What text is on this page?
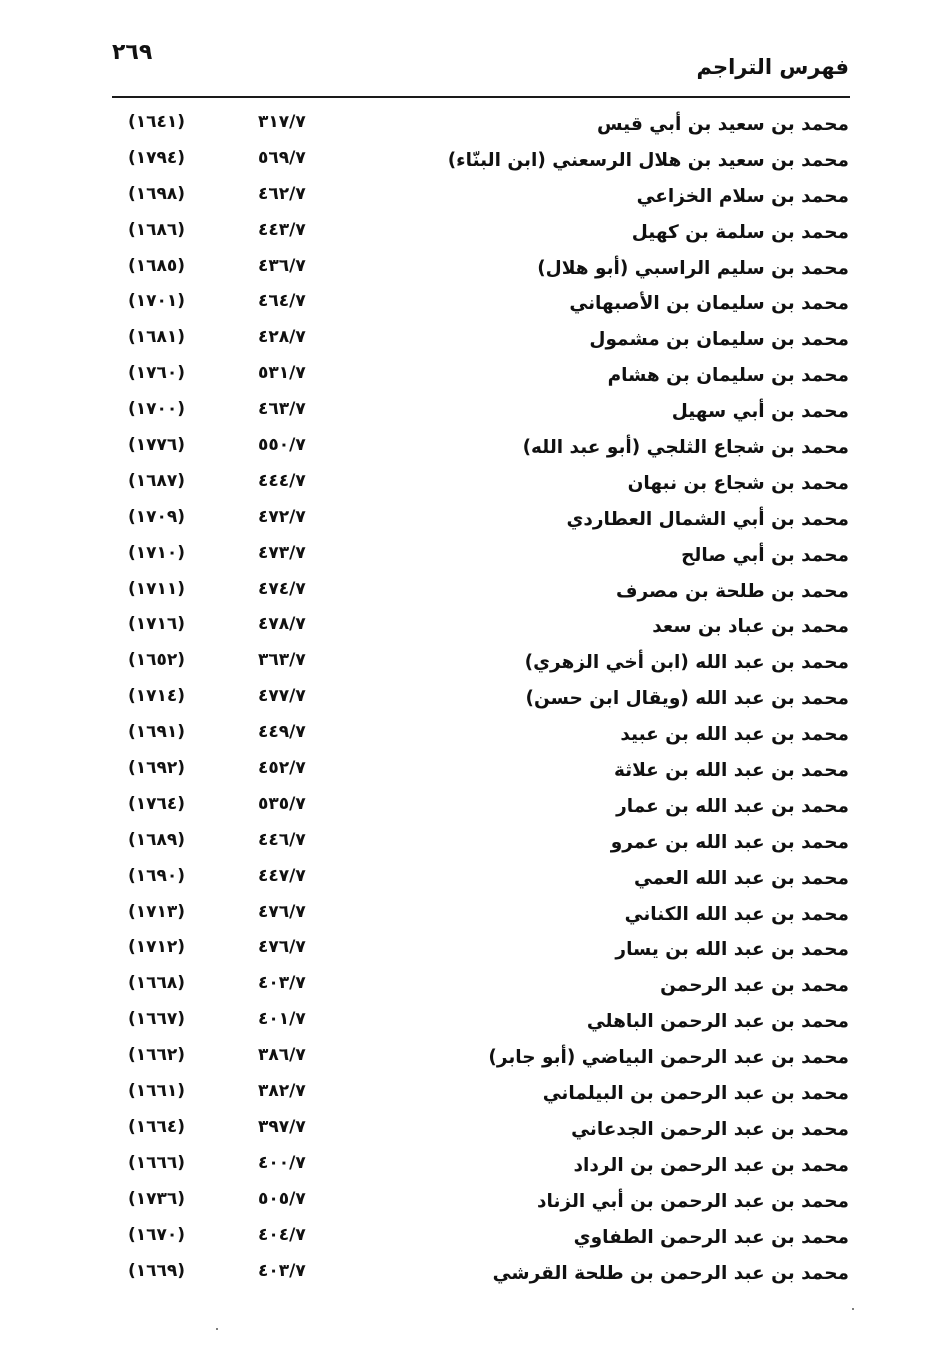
٢٦٩
فهرس التراجم
محمد بن سعيد بن أبي قيس
٣١٧/٧
(١٦٤١)
محمد بن سعيد بن هلال الرسعني (ابن البنّاء)
٥٦٩/٧
(١٧٩٤)
محمد بن سلام الخزاعي
٤٦٢/٧
(١٦٩٨)
محمد بن سلمة بن كهيل
٤٤٣/٧
(١٦٨٦)
محمد بن سليم الراسبي (أبو هلال)
٤٣٦/٧
(١٦٨٥)
محمد بن سليمان بن الأصبهاني
٤٦٤/٧
(١٧٠١)
محمد بن سليمان بن مشمول
٤٢٨/٧
(١٦٨١)
محمد بن سليمان بن هشام
٥٣١/٧
(١٧٦٠)
محمد بن أبي سهيل
٤٦٣/٧
(١٧٠٠)
محمد بن شجاع الثلجي (أبو عبد الله)
٥٥٠/٧
(١٧٧٦)
محمد بن شجاع بن نبهان
٤٤٤/٧
(١٦٨٧)
محمد بن أبي الشمال العطاردي
٤٧٢/٧
(١٧٠٩)
محمد بن أبي صالح
٤٧٣/٧
(١٧١٠)
محمد بن طلحة بن مصرف
٤٧٤/٧
(١٧١١)
محمد بن عباد بن سعد
٤٧٨/٧
(١٧١٦)
محمد بن عبد الله (ابن أخي الزهري)
٣٦٣/٧
(١٦٥٢)
محمد بن عبد الله (ويقال ابن حسن)
٤٧٧/٧
(١٧١٤)
محمد بن عبد الله بن عبيد
٤٤٩/٧
(١٦٩١)
محمد بن عبد الله بن علاثة
٤٥٢/٧
(١٦٩٢)
محمد بن عبد الله بن عمار
٥٣٥/٧
(١٧٦٤)
محمد بن عبد الله بن عمرو
٤٤٦/٧
(١٦٨٩)
محمد بن عبد الله العمي
٤٤٧/٧
(١٦٩٠)
محمد بن عبد الله الكناني
٤٧٦/٧
(١٧١٣)
محمد بن عبد الله بن يسار
٤٧٦/٧
(١٧١٢)
محمد بن عبد الرحمن
٤٠٣/٧
(١٦٦٨)
محمد بن عبد الرحمن الباهلي
٤٠١/٧
(١٦٦٧)
محمد بن عبد الرحمن البياضي (أبو جابر)
٣٨٦/٧
(١٦٦٢)
محمد بن عبد الرحمن بن البيلماني
٣٨٢/٧
(١٦٦١)
محمد بن عبد الرحمن الجدعاني
٣٩٧/٧
(١٦٦٤)
محمد بن عبد الرحمن بن الرداد
٤٠٠/٧
(١٦٦٦)
محمد بن عبد الرحمن بن أبي الزناد
٥٠٥/٧
(١٧٣٦)
محمد بن عبد الرحمن الطفاوي
٤٠٤/٧
(١٦٧٠)
محمد بن عبد الرحمن بن طلحة القرشي
٤٠٣/٧
(١٦٦٩)
